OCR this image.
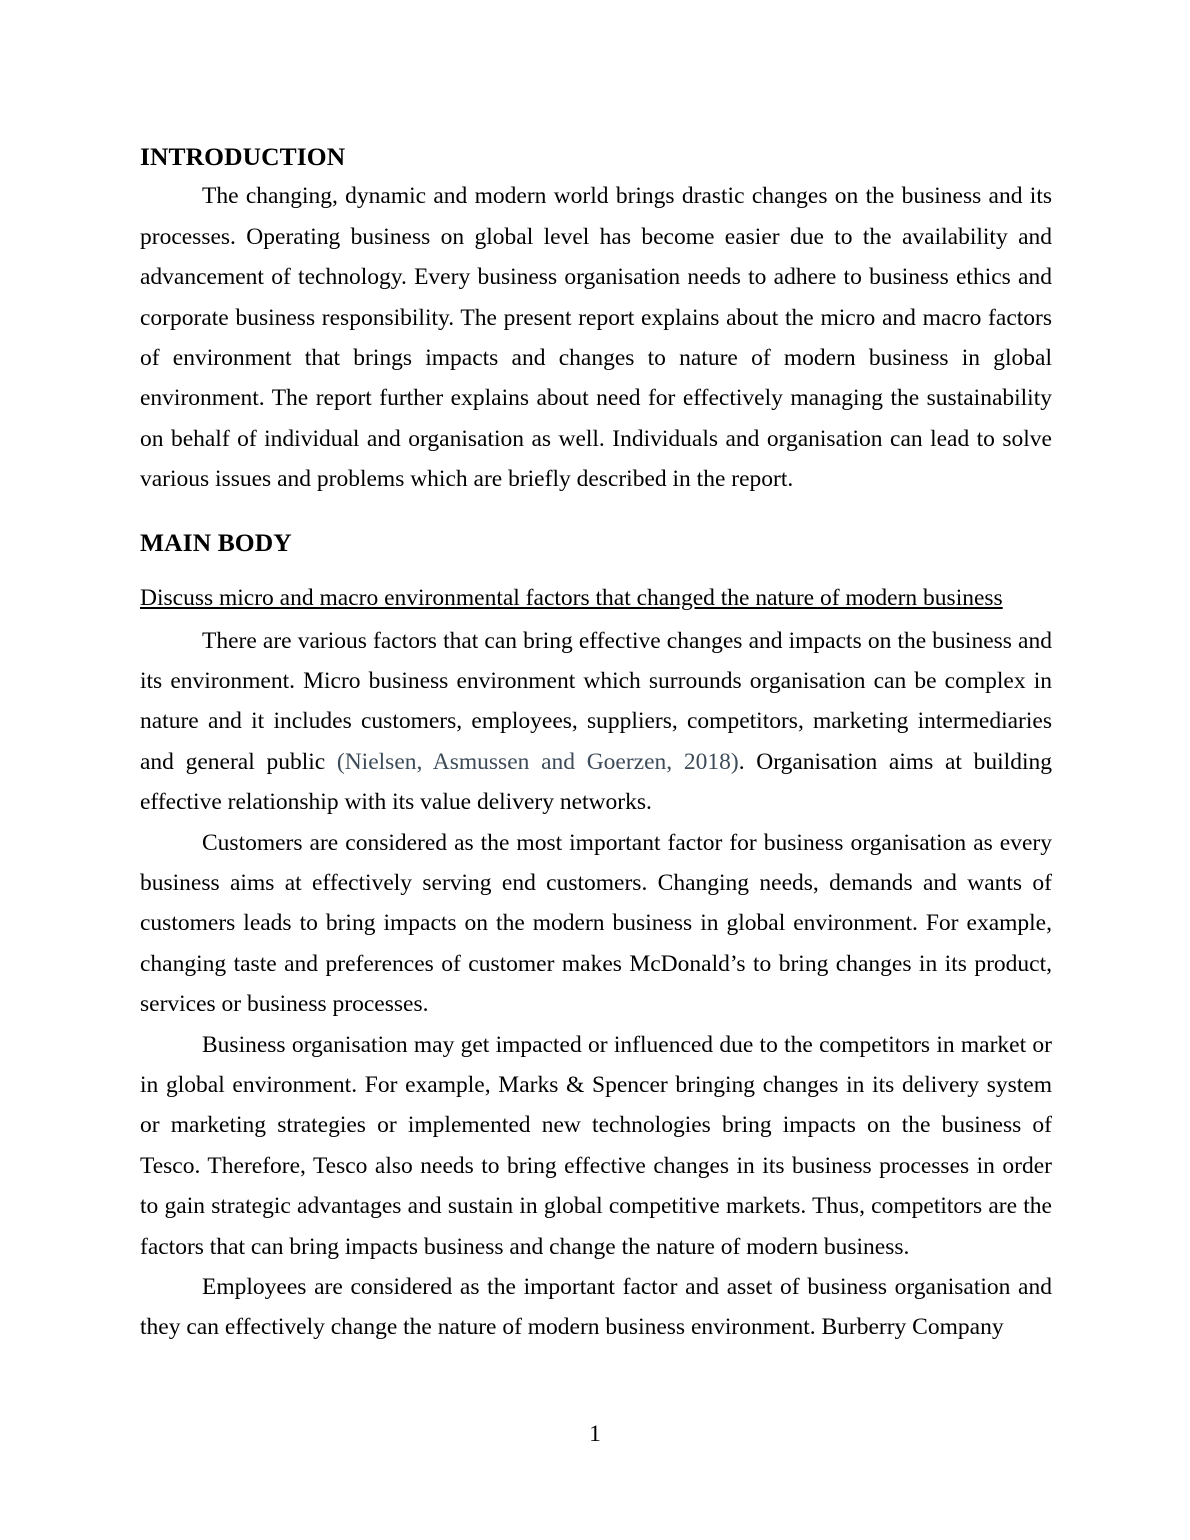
INTRODUCTION

The changing, dynamic and modern world brings drastic changes on the business and its processes. Operating business on global level has become easier due to the availability and advancement of technology. Every business organisation needs to adhere to business ethics and corporate business responsibility. The present report explains about the micro and macro factors of environment that brings impacts and changes to nature of modern business in global environment. The report further explains about need for effectively managing the sustainability on behalf of individual and organisation as well. Individuals and organisation can lead to solve various issues and problems which are briefly described in the report.

MAIN BODY

Discuss micro and macro environmental factors that changed the nature of modern business

There are various factors that can bring effective changes and impacts on the business and its environment. Micro business environment which surrounds organisation can be complex in nature and it includes customers, employees, suppliers, competitors, marketing intermediaries and general public (Nielsen, Asmussen and Goerzen, 2018). Organisation aims at building effective relationship with its value delivery networks.

Customers are considered as the most important factor for business organisation as every business aims at effectively serving end customers. Changing needs, demands and wants of customers leads to bring impacts on the modern business in global environment. For example, changing taste and preferences of customer makes McDonald’s to bring changes in its product, services or business processes.

Business organisation may get impacted or influenced due to the competitors in market or in global environment. For example, Marks & Spencer bringing changes in its delivery system or marketing strategies or implemented new technologies bring impacts on the business of Tesco. Therefore, Tesco also needs to bring effective changes in its business processes in order to gain strategic advantages and sustain in global competitive markets. Thus, competitors are the factors that can bring impacts business and change the nature of modern business.

Employees are considered as the important factor and asset of business organisation and they can effectively change the nature of modern business environment. Burberry Company

1
